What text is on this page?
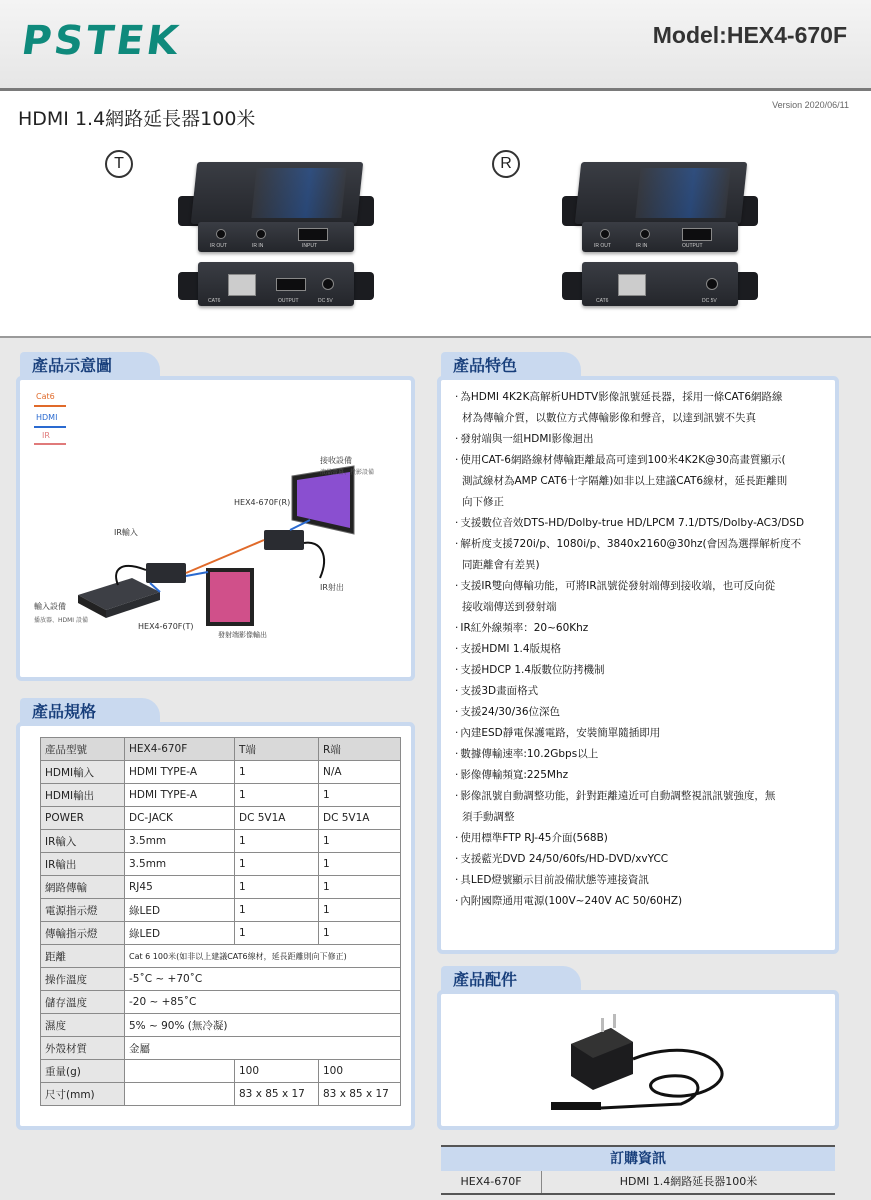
PSTEK	Model:HEX4-670F
Version 2020/06/11
HDMI 1.4網路延長器100米
T	R
IR OUT	IR IN	INPUT
CAT6	OUTPUT	DC 5V
IR OUT	IR IN	OUTPUT
CAT6	DC 5V
產品示意圖
Cat6
HDMI
IR
接收設備
液晶螢幕、投影設備
HEX4-670F(R)
IR輸入
IR射出
輸入設備
播放器、HDMI 設備
HEX4-670F(T)
發射端影像輸出
產品規格
產品型號	HEX4-670F	T端	R端
HDMI輸入	HDMI TYPE-A	1	N/A
HDMI輸出	HDMI TYPE-A	1	1
POWER	DC-JACK	DC 5V1A	DC 5V1A
IR輸入	3.5mm	1	1
IR輸出	3.5mm	1	1
網路傳輸	RJ45	1	1
電源指示燈	綠LED	1	1
傳輸指示燈	綠LED	1	1
距離	Cat 6 100米(如非以上建議CAT6線材，延長距離則向下修正)		
操作溫度	-5˚C ~ +70˚C		
儲存溫度	-20 ~ +85˚C		
濕度	5% ~ 90% (無冷凝)		
外殼材質	金屬		
重量(g)		100	100
尺寸(mm)		83 x 85 x 17	83 x 85 x 17
產品特色
· 為HDMI 4K2K高解析UHDTV影像訊號延長器，採用一條CAT6網路線
材為傳輸介質，以數位方式傳輸影像和聲音，以達到訊號不失真
· 發射端與一組HDMI影像迴出
· 使用CAT-6網路線材傳輸距離最高可達到100米4K2K@30高畫質顯示(
測試線材為AMP CAT6十字隔離)如非以上建議CAT6線材，延長距離則
向下修正
· 支援數位音效DTS-HD/Dolby-true HD/LPCM 7.1/DTS/Dolby-AC3/DSD
· 解析度支援720i/p、1080i/p、3840x2160@30hz(會因為選擇解析度不
同距離會有差異)
· 支援IR雙向傳輸功能，可將IR訊號從發射端傳到接收端，也可反向從
接收端傳送到發射端
· IR紅外線頻率：20~60Khz
· 支援HDMI 1.4版規格
· 支援HDCP 1.4版數位防拷機制
· 支援3D畫面格式
· 支援24/30/36位深色
· 內建ESD靜電保護電路，安裝簡單隨插即用
· 數據傳輸速率:10.2Gbps以上
· 影像傳輸頻寬:225Mhz
· 影像訊號自動調整功能，針對距離遠近可自動調整視訊訊號強度，無
須手動調整
· 使用標準FTP RJ-45介面(568B)
· 支援藍光DVD 24/50/60fs/HD-DVD/xvYCC
· 具LED燈號顯示目前設備狀態等連接資訊
· 內附國際通用電源(100V~240V AC 50/60HZ)
產品配件
訂購資訊
HEX4-670F	HDMI 1.4網路延長器100米
